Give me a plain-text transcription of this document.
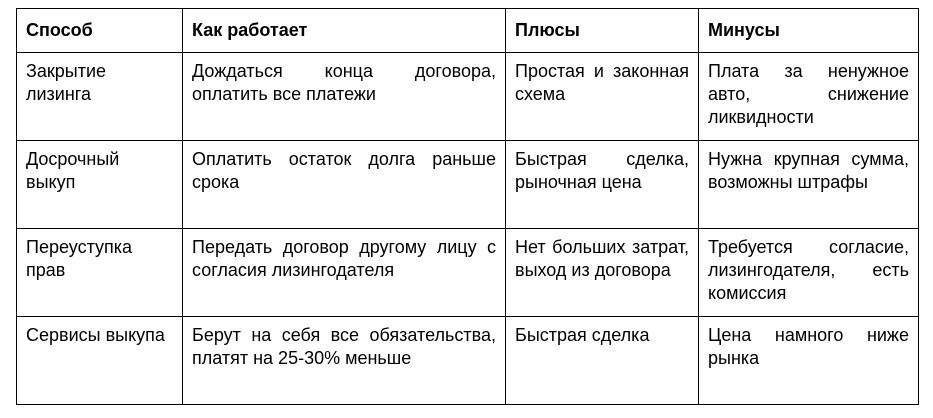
Способ	Как работает	Плюсы	Минусы
Закрытие лизинга	Дождаться конца договора, оплатить все платежи	Простая и законная схема	Плата за ненужное авто, снижение ликвидности
Досрочный выкуп	Оплатить остаток долга раньше срока	Быстрая сделка, рыночная цена	Нужна крупная сумма, возможны штрафы
Переуступка прав	Передать договор другому лицу с согласия лизингодателя	Нет больших затрат, выход из договора	Требуется согласие, лизингодателя, есть комиссия
Сервисы выкупа	Берут на себя все обязательства, платят на 25-30% меньше	Быстрая сделка	Цена намного ниже рынка
